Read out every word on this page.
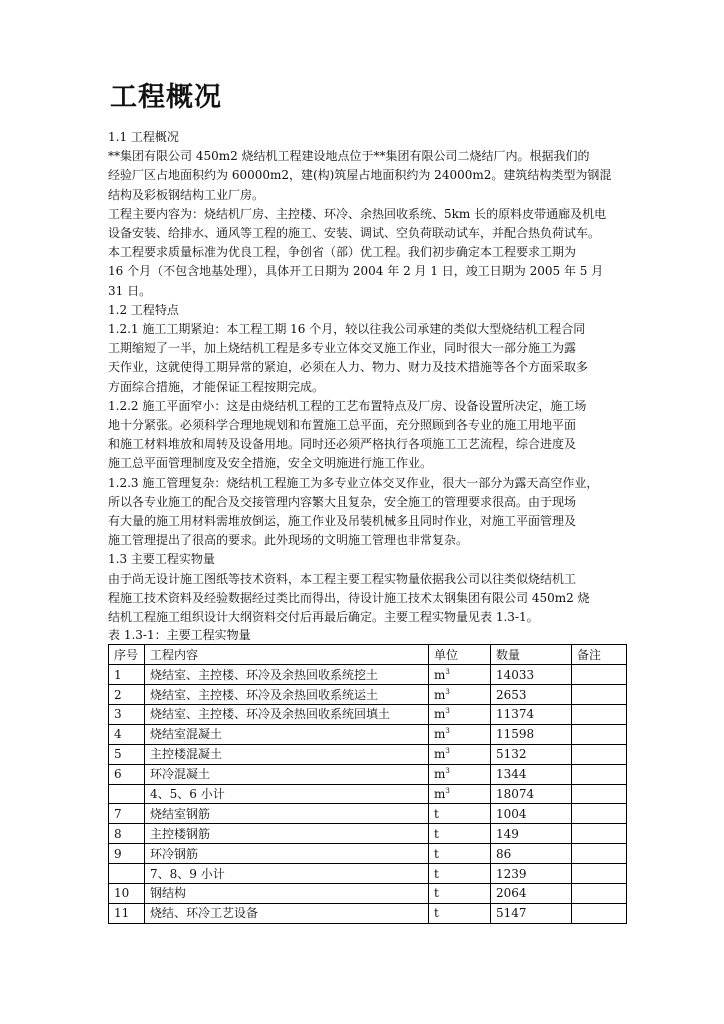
工程概况
1.1 工程概况
**集团有限公司 450m2 烧结机工程建设地点位于**集团有限公司二烧结厂内。根据我们的
经验厂区占地面积约为 60000m2，建(构)筑屋占地面积约为 24000m2。建筑结构类型为钢混
结构及彩板钢结构工业厂房。
工程主要内容为：烧结机厂房、主控楼、环冷、余热回收系统、5km 长的原料皮带通廊及机电
设备安装、给排水、通风等工程的施工、安装、调试、空负荷联动试车，并配合热负荷试车。
本工程要求质量标准为优良工程，争创省（部）优工程。我们初步确定本工程要求工期为
16 个月（不包含地基处理），具体开工日期为 2004 年 2 月 1 日，竣工日期为 2005 年 5 月
31 日。
1.2 工程特点
1.2.1 施工工期紧迫：本工程工期 16 个月，较以往我公司承建的类似大型烧结机工程合同
工期缩短了一半，加上烧结机工程是多专业立体交叉施工作业，同时很大一部分施工为露
天作业，这就使得工期异常的紧迫，必须在人力、物力、财力及技术措施等各个方面采取多
方面综合措施，才能保证工程按期完成。
1.2.2 施工平面窄小：这是由烧结机工程的工艺布置特点及厂房、设备设置所决定，施工场
地十分紧张。必须科学合理地规划和布置施工总平面，充分照顾到各专业的施工用地平面
和施工材料堆放和周转及设备用地。同时还必须严格执行各项施工工艺流程，综合进度及
施工总平面管理制度及安全措施，安全文明施进行施工作业。
1.2.3 施工管理复杂：烧结机工程施工为多专业立体交叉作业，很大一部分为露天高空作业，
所以各专业施工的配合及交接管理内容繁大且复杂，安全施工的管理要求很高。由于现场
有大量的施工用材料需堆放倒运，施工作业及吊装机械多且同时作业，对施工平面管理及
施工管理提出了很高的要求。此外现场的文明施工管理也非常复杂。
1.3 主要工程实物量
由于尚无设计施工图纸等技术资料，本工程主要工程实物量依据我公司以往类似烧结机工
程施工技术资料及经验数据经过类比而得出，待设计施工技术太钢集团有限公司 450m2 烧
结机工程施工组织设计大纲资料交付后再最后确定。主要工程实物量见表 1.3-1。
表 1.3-1：主要工程实物量
序号	工程内容	单位	数量	备注
1	烧结室、主控楼、环冷及余热回收系统挖土	$m^3$	14033	
2	烧结室、主控楼、环冷及余热回收系统运土	$m^3$	2653	
3	烧结室、主控楼、环冷及余热回收系统回填土	$m^3$	11374	
4	烧结室混凝土	$m^3$	11598	
5	主控楼混凝土	$m^3$	5132	
6	环冷混凝土	$m^3$	1344	
	4、5、6 小计	$m^3$	18074	
7	烧结室钢筋	t	1004	
8	主控楼钢筋	t	149	
9	环冷钢筋	t	86	
	7、8、9 小计	t	1239	
10	钢结构	t	2064	
11	烧结、环冷工艺设备	t	5147	
